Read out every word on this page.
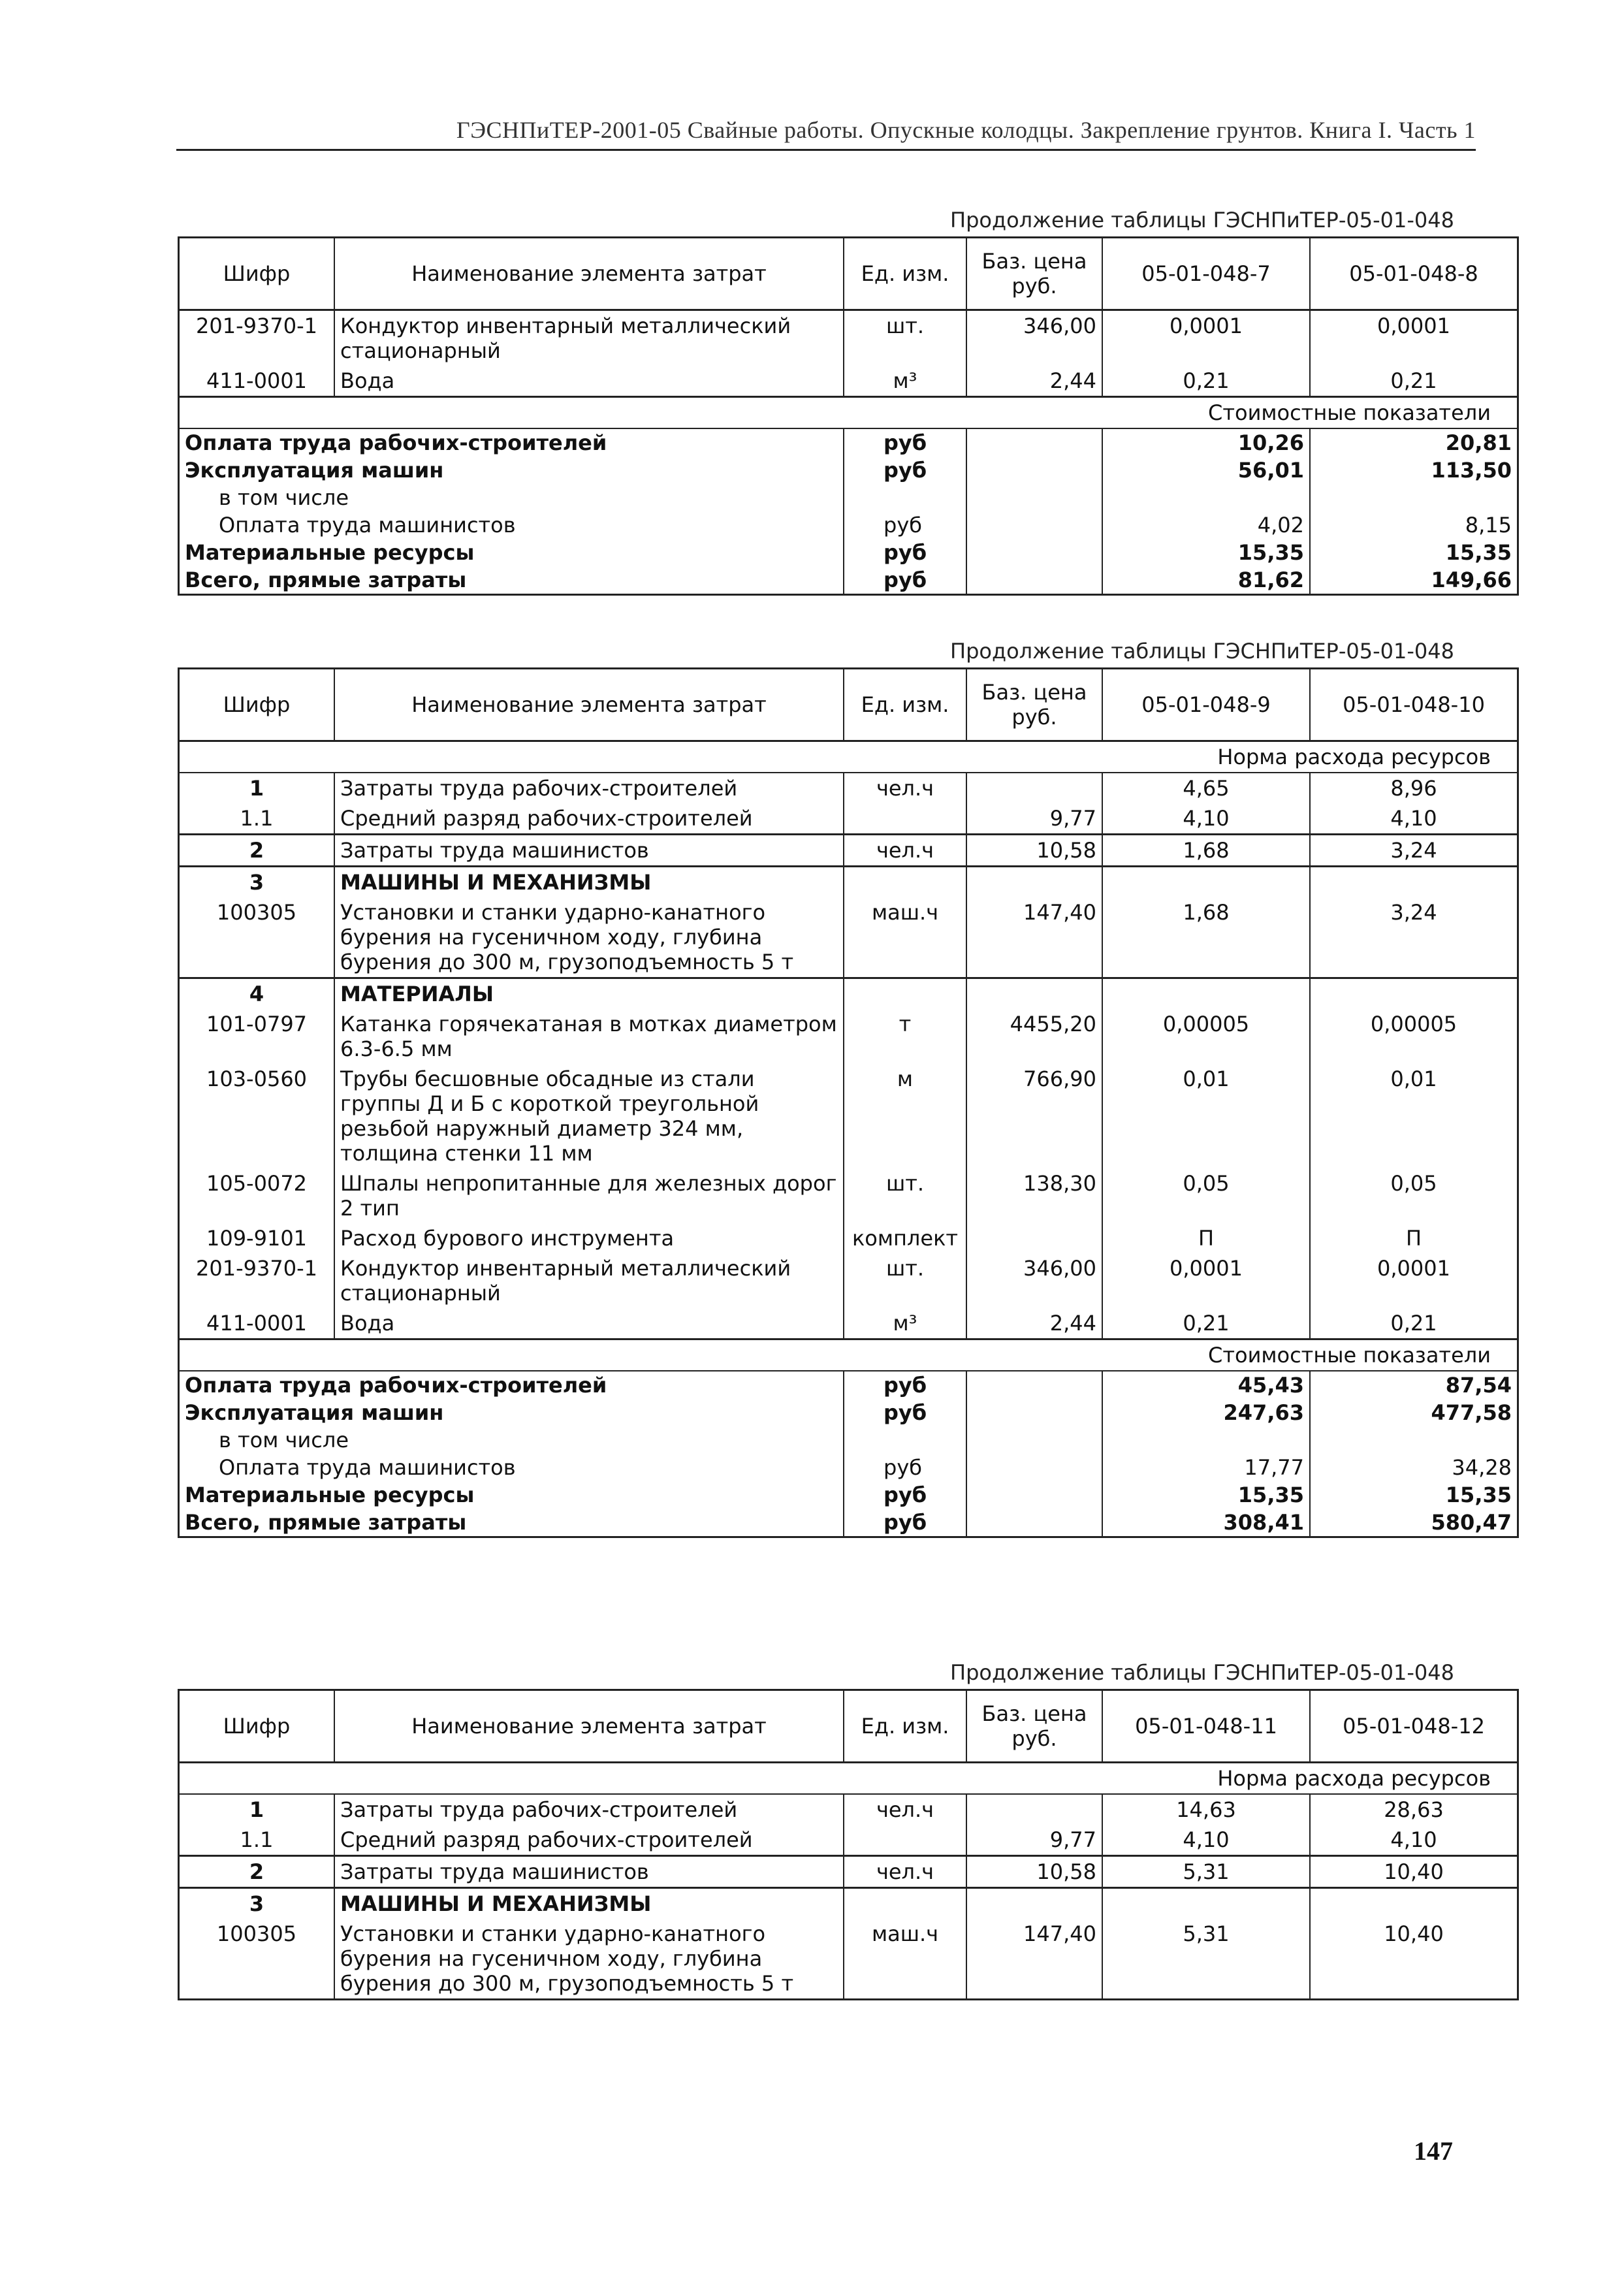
ГЭСНПиТЕР-2001-05 Свайные работы. Опускные колодцы. Закрепление грунтов. Книга I. Часть 1
Продолжение таблицы ГЭСНПиТЕР-05-01-048
Шифр	Наименование элемента затрат	Ед. изм.	Баз. цена руб.	05-01-048-7	05-01-048-8
201-9370-1	Кондуктор инвентарный металлический стационарный	шт.	346,00	0,0001	0,0001
411-0001	Вода	м³	2,44	0,21	0,21
Стоимостные показатели					
Оплата труда рабочих-строителей		руб		10,26	20,81
Эксплуатация машин		руб		56,01	113,50
в том числе					
Оплата труда машинистов		руб		4,02	8,15
Материальные ресурсы		руб		15,35	15,35
Всего, прямые затраты		руб		81,62	149,66
Продолжение таблицы ГЭСНПиТЕР-05-01-048
Шифр	Наименование элемента затрат	Ед. изм.	Баз. цена руб.	05-01-048-9	05-01-048-10
Норма расхода ресурсов					
1	Затраты труда рабочих-строителей	чел.ч		4,65	8,96
1.1	Средний разряд рабочих-строителей		9,77	4,10	4,10
2	Затраты труда машинистов	чел.ч	10,58	1,68	3,24
3	МАШИНЫ И МЕХАНИЗМЫ				
100305	Установки и станки ударно-канатного бурения на гусеничном ходу, глубина бурения до 300 м, грузоподъемность 5 т	маш.ч	147,40	1,68	3,24
4	МАТЕРИАЛЫ				
101-0797	Катанка горячекатаная в мотках диаметром 6.3-6.5 мм	т	4455,20	0,00005	0,00005
103-0560	Трубы бесшовные обсадные из стали группы Д и Б с короткой треугольной резьбой наружный диаметр 324 мм, толщина стенки 11 мм	м	766,90	0,01	0,01
105-0072	Шпалы непропитанные для железных дорог 2 тип	шт.	138,30	0,05	0,05
109-9101	Расход бурового инструмента	комплект		П	П
201-9370-1	Кондуктор инвентарный металлический стационарный	шт.	346,00	0,0001	0,0001
411-0001	Вода	м³	2,44	0,21	0,21
Стоимостные показатели					
Оплата труда рабочих-строителей		руб		45,43	87,54
Эксплуатация машин		руб		247,63	477,58
в том числе					
Оплата труда машинистов		руб		17,77	34,28
Материальные ресурсы		руб		15,35	15,35
Всего, прямые затраты		руб		308,41	580,47
Продолжение таблицы ГЭСНПиТЕР-05-01-048
Шифр	Наименование элемента затрат	Ед. изм.	Баз. цена руб.	05-01-048-11	05-01-048-12
Норма расхода ресурсов					
1	Затраты труда рабочих-строителей	чел.ч		14,63	28,63
1.1	Средний разряд рабочих-строителей		9,77	4,10	4,10
2	Затраты труда машинистов	чел.ч	10,58	5,31	10,40
3	МАШИНЫ И МЕХАНИЗМЫ				
100305	Установки и станки ударно-канатного бурения на гусеничном ходу, глубина бурения до 300 м, грузоподъемность 5 т	маш.ч	147,40	5,31	10,40
147
